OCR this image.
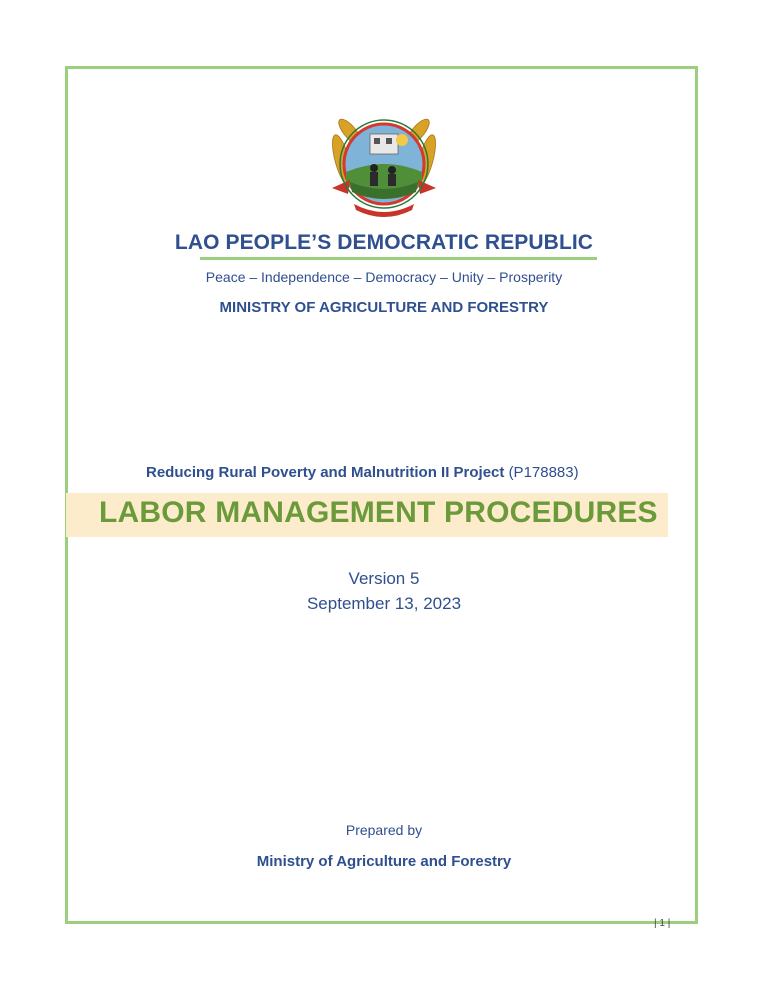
LAO PEOPLE’S DEMOCRATIC REPUBLIC
Peace – Independence – Democracy – Unity – Prosperity
MINISTRY OF AGRICULTURE AND FORESTRY
Reducing Rural Poverty and Malnutrition II Project (P178883)
LABOR MANAGEMENT PROCEDURES
Version 5
September 13, 2023
Prepared by
Ministry of Agriculture and Forestry
| 1 |
